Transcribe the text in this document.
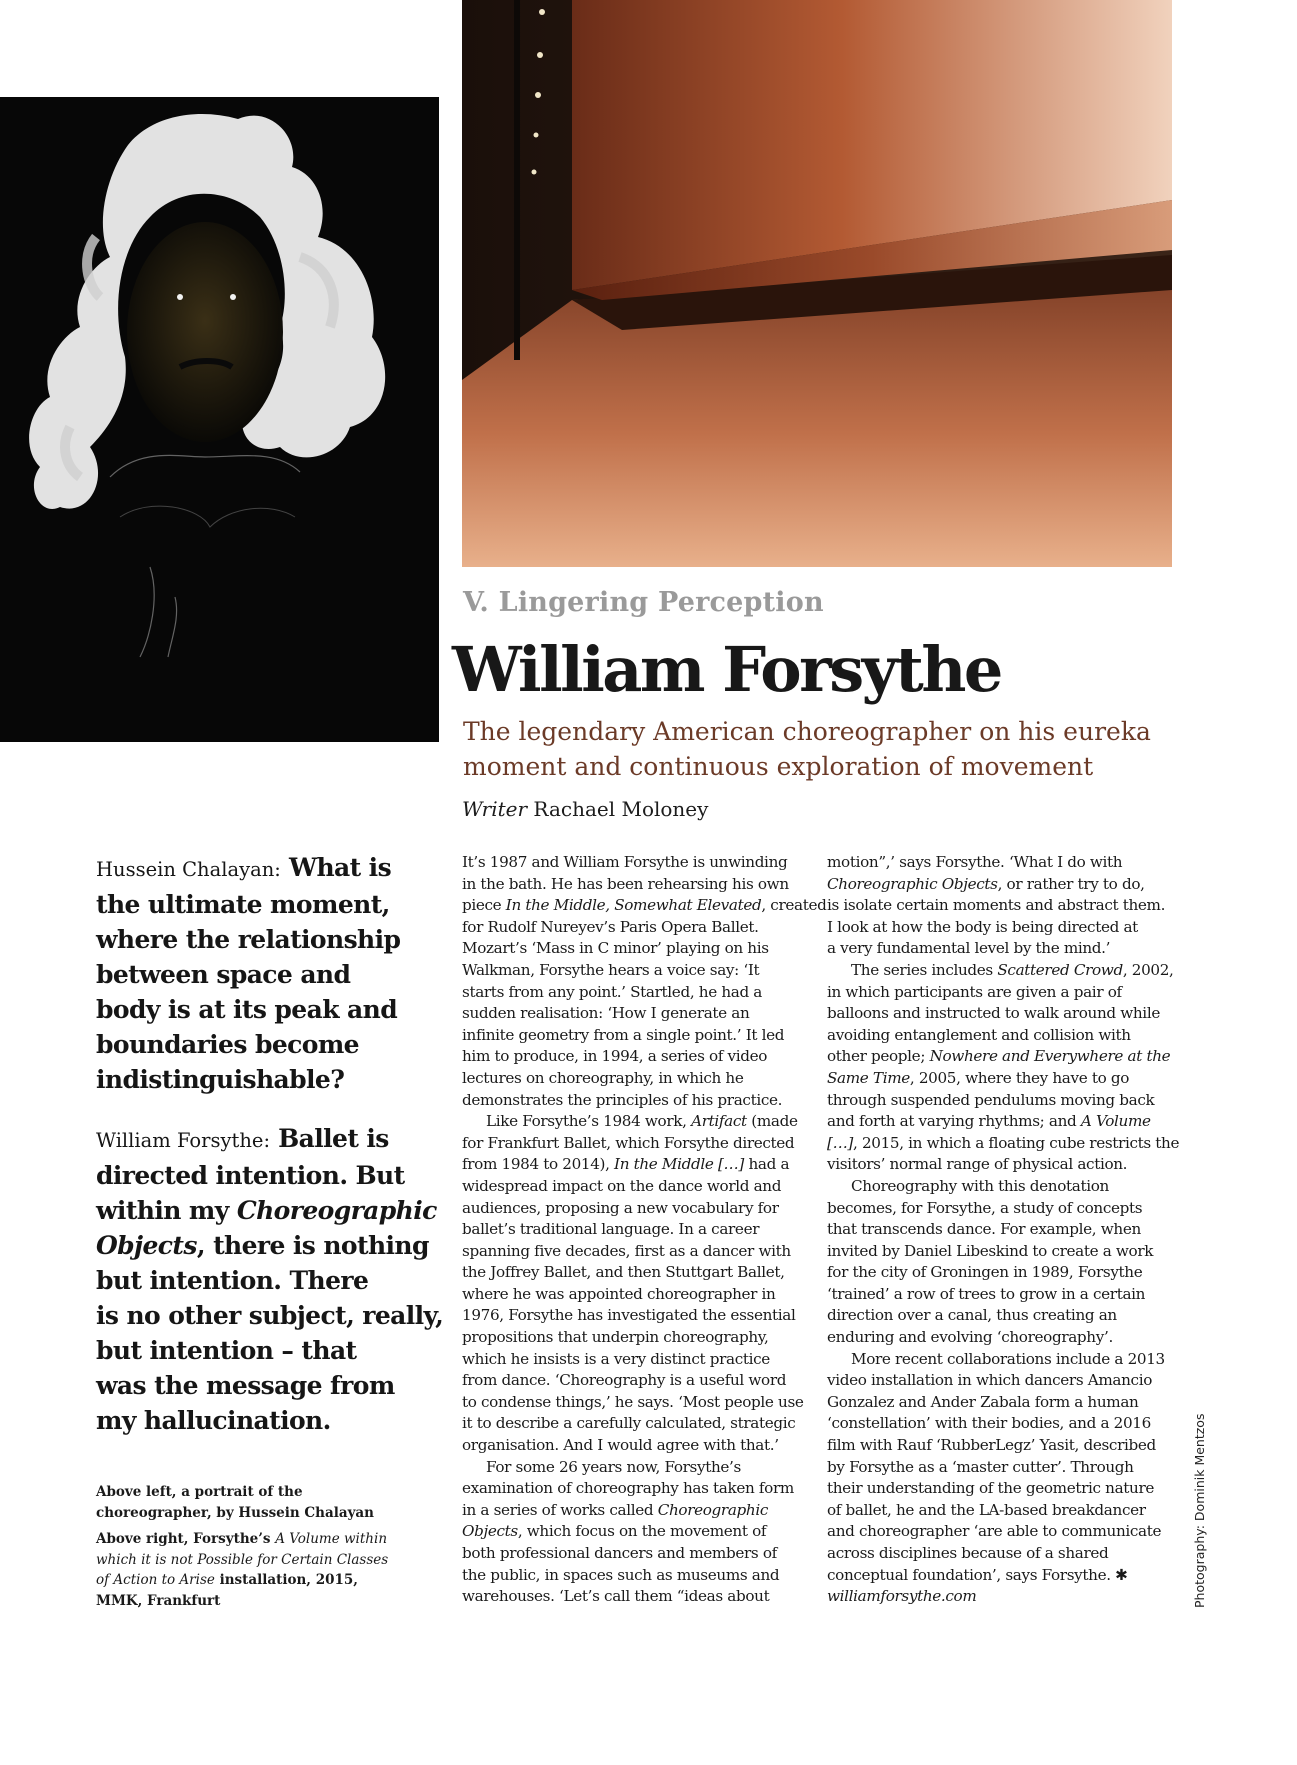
V. Lingering Perception
William Forsythe
The legendary American choreographer on his eureka
moment and continuous exploration of movement
Writer Rachael Moloney
Hussein Chalayan: What is
the ultimate moment,
where the relationship
between space and
body is at its peak and
boundaries become
indistinguishable?
William Forsythe: Ballet is
directed intention. But
within my Choreographic
Objects, there is nothing
but intention. There
is no other subject, really,
but intention – that
was the message from
my hallucination.
Above left, a portrait of the
choreographer, by Hussein Chalayan
Above right, Forsythe’s A Volume within
which it is not Possible for Certain Classes
of Action to Arise installation, 2015,
MMK, Frankfurt
It’s 1987 and William Forsythe is unwinding
in the bath. He has been rehearsing his own
piece In the Middle, Somewhat Elevated, created
for Rudolf Nureyev’s Paris Opera Ballet.
Mozart’s ‘Mass in C minor’ playing on his
Walkman, Forsythe hears a voice say: ‘It
starts from any point.’ Startled, he had a
sudden realisation: ‘How I generate an
infinite geometry from a single point.’ It led
him to produce, in 1994, a series of video
lectures on choreography, in which he
demonstrates the principles of his practice.
Like Forsythe’s 1984 work, Artifact (made
for Frankfurt Ballet, which Forsythe directed
from 1984 to 2014), In the Middle […] had a
widespread impact on the dance world and
audiences, proposing a new vocabulary for
ballet’s traditional language. In a career
spanning five decades, first as a dancer with
the Joffrey Ballet, and then Stuttgart Ballet,
where he was appointed choreographer in
1976, Forsythe has investigated the essential
propositions that underpin choreography,
which he insists is a very distinct practice
from dance. ‘Choreography is a useful word
to condense things,’ he says. ‘Most people use
it to describe a carefully calculated, strategic
organisation. And I would agree with that.’
For some 26 years now, Forsythe’s
examination of choreography has taken form
in a series of works called Choreographic
Objects, which focus on the movement of
both professional dancers and members of
the public, in spaces such as museums and
warehouses. ‘Let’s call them “ideas about
motion”,’ says Forsythe. ‘What I do with
Choreographic Objects, or rather try to do,
is isolate certain moments and abstract them.
I look at how the body is being directed at
a very fundamental level by the mind.’
The series includes Scattered Crowd, 2002,
in which participants are given a pair of
balloons and instructed to walk around while
avoiding entanglement and collision with
other people; Nowhere and Everywhere at the
Same Time, 2005, where they have to go
through suspended pendulums moving back
and forth at varying rhythms; and A Volume
[…], 2015, in which a floating cube restricts the
visitors’ normal range of physical action.
Choreography with this denotation
becomes, for Forsythe, a study of concepts
that transcends dance. For example, when
invited by Daniel Libeskind to create a work
for the city of Groningen in 1989, Forsythe
‘trained’ a row of trees to grow in a certain
direction over a canal, thus creating an
enduring and evolving ‘choreography’.
More recent collaborations include a 2013
video installation in which dancers Amancio
Gonzalez and Ander Zabala form a human
‘constellation’ with their bodies, and a 2016
film with Rauf ‘RubberLegz’ Yasit, described
by Forsythe as a ‘master cutter’. Through
their understanding of the geometric nature
of ballet, he and the LA-based breakdancer
and choreographer ‘are able to communicate
across disciplines because of a shared
conceptual foundation’, says Forsythe. ✱
williamforsythe.com	Photography: Dominik Mentzos
